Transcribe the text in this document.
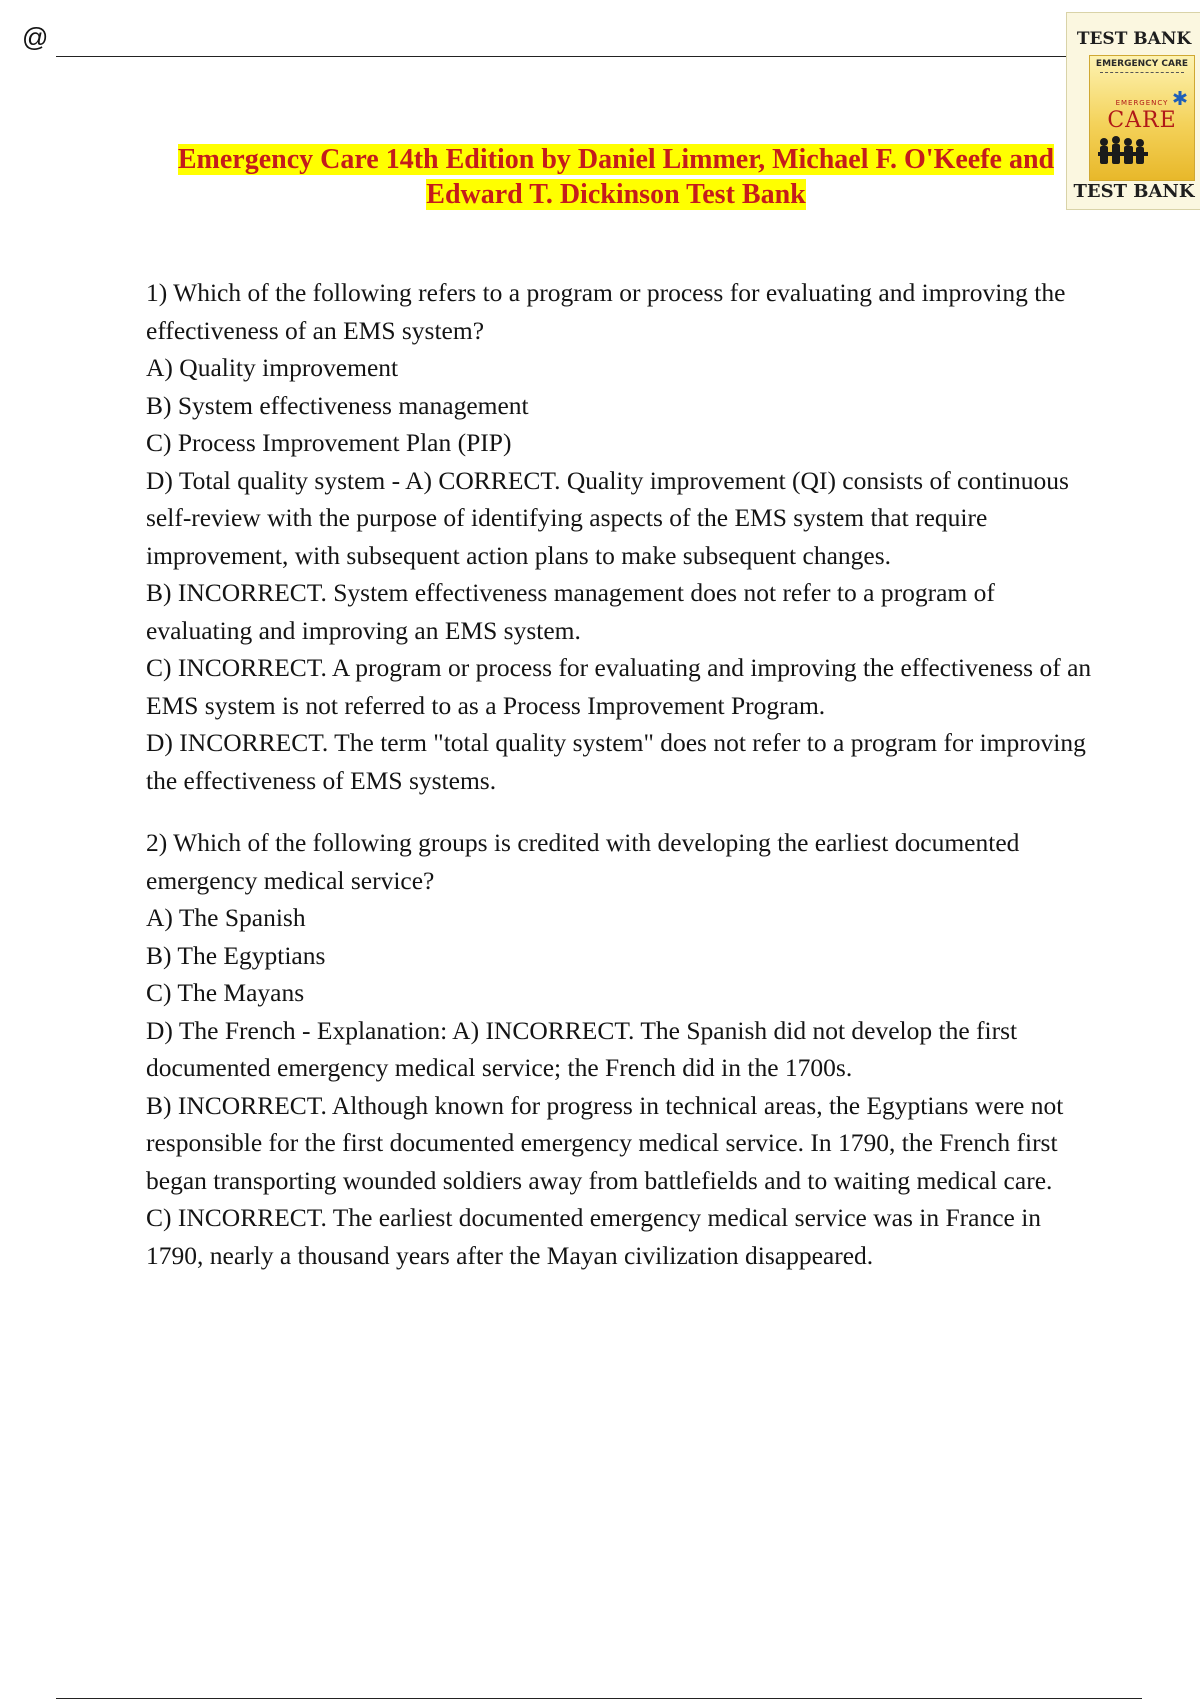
@	TEST BANK
EMERGENCY CARE
EMERGENCY
CARE
TEST BANK
Emergency Care 14th Edition by Daniel Limmer, Michael F. O'Keefe and
Edward T. Dickinson Test Bank

1) Which of the following refers to a program or process for evaluating and improving the effectiveness of an EMS system?

A) Quality improvement

B) System effectiveness management

C) Process Improvement Plan (PIP)

D) Total quality system - A) CORRECT. Quality improvement (QI) consists of continuous self-review with the purpose of identifying aspects of the EMS system that require improvement, with subsequent action plans to make subsequent changes.

B) INCORRECT. System effectiveness management does not refer to a program of evaluating and improving an EMS system.

C) INCORRECT. A program or process for evaluating and improving the effectiveness of an EMS system is not referred to as a Process Improvement Program.

D) INCORRECT. The term "total quality system" does not refer to a program for improving the effectiveness of EMS systems.

2) Which of the following groups is credited with developing the earliest documented emergency medical service?

A) The Spanish

B) The Egyptians

C) The Mayans

D) The French - Explanation: A) INCORRECT. The Spanish did not develop the first documented emergency medical service; the French did in the 1700s.

B) INCORRECT. Although known for progress in technical areas, the Egyptians were not responsible for the first documented emergency medical service. In 1790, the French first began transporting wounded soldiers away from battlefields and to waiting medical care.

C) INCORRECT. The earliest documented emergency medical service was in France in 1790, nearly a thousand years after the Mayan civilization disappeared.
